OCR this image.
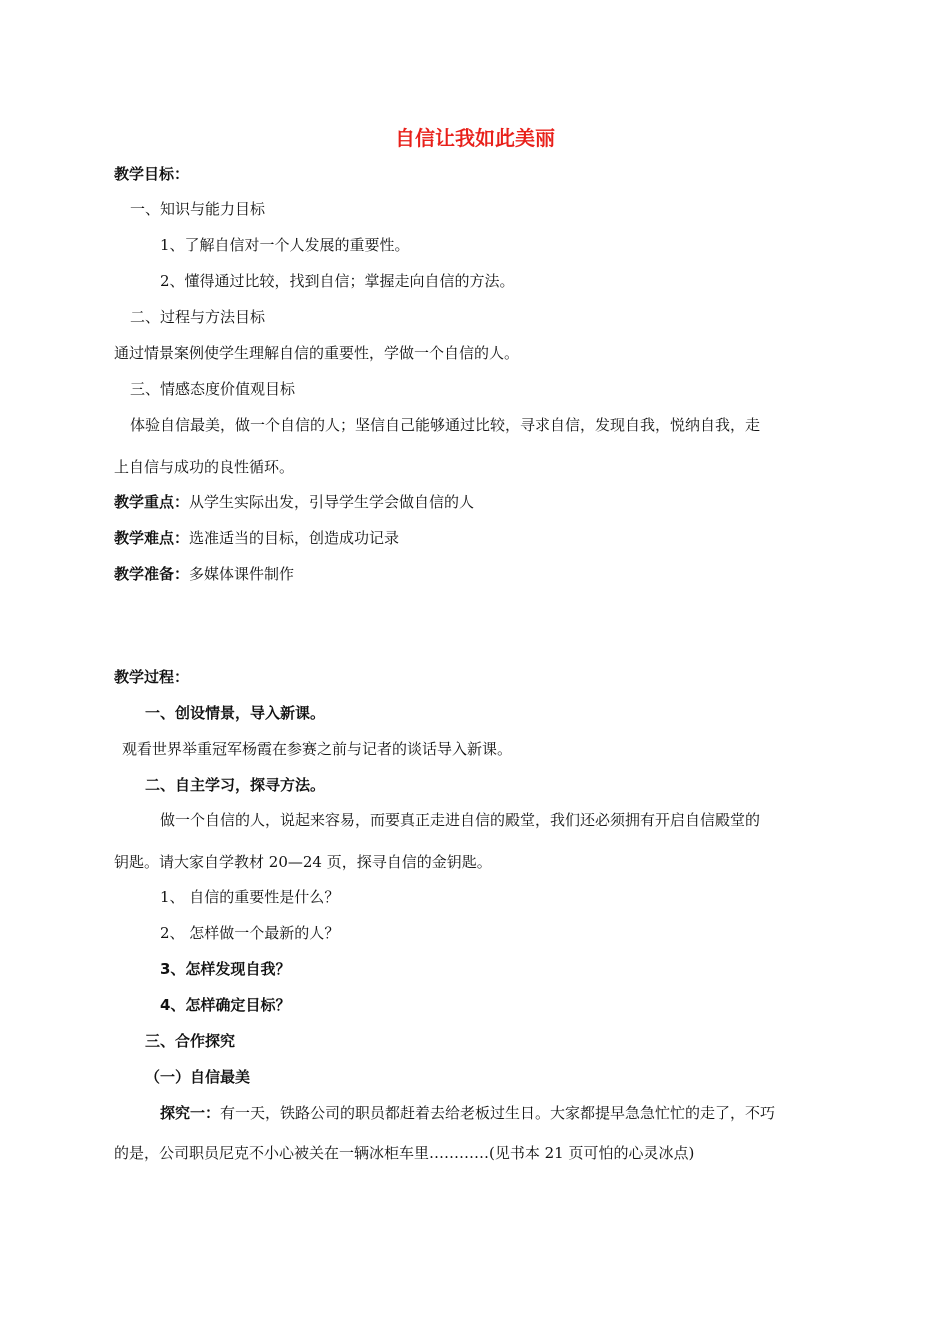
自信让我如此美丽
教学目标：
一、知识与能力目标
1、了解自信对一个人发展的重要性。
2、懂得通过比较，找到自信；掌握走向自信的方法。
二、过程与方法目标
通过情景案例使学生理解自信的重要性，学做一个自信的人。
三、情感态度价值观目标
体验自信最美，做一个自信的人；坚信自己能够通过比较，寻求自信，发现自我，悦纳自我，走
上自信与成功的良性循环。
教学重点：从学生实际出发，引导学生学会做自信的人
教学难点：选准适当的目标，创造成功记录
教学准备：多媒体课件制作
教学过程：
一、创设情景，导入新课。
观看世界举重冠军杨霞在参赛之前与记者的谈话导入新课。
二、自主学习，探寻方法。
做一个自信的人，说起来容易，而要真正走进自信的殿堂，我们还必须拥有开启自信殿堂的
钥匙。请大家自学教材 20—24 页，探寻自信的金钥匙。
1、 自信的重要性是什么？
2、 怎样做一个最新的人？
3、怎样发现自我？
4、怎样确定目标？
三、合作探究
（一）自信最美
探究一：有一天，铁路公司的职员都赶着去给老板过生日。大家都提早急急忙忙的走了，不巧
的是，公司职员尼克不小心被关在一辆冰柜车里…………(见书本 21 页可怕的心灵冰点)
